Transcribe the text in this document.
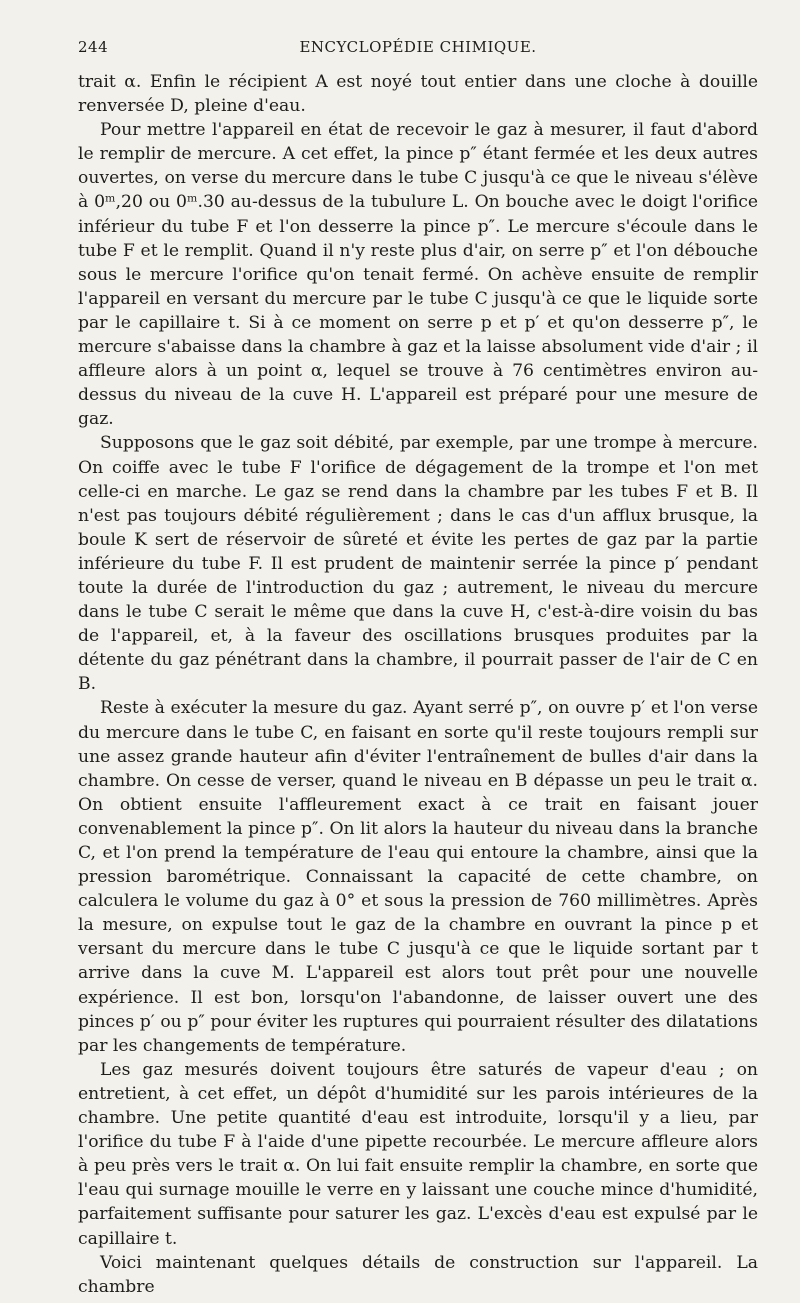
244	ENCYCLOPÉDIE CHIMIQUE.

trait α. Enfin le récipient A est noyé tout entier dans une cloche à douille renversée D, pleine d'eau.

Pour mettre l'appareil en état de recevoir le gaz à mesurer, il faut d'abord le remplir de mercure. A cet effet, la pince p″ étant fermée et les deux autres ouvertes, on verse du mercure dans le tube C jusqu'à ce que le niveau s'élève à 0ᵐ,20 ou 0ᵐ.30 au-dessus de la tubulure L. On bouche avec le doigt l'orifice inférieur du tube F et l'on desserre la pince p″. Le mercure s'écoule dans le tube F et le remplit. Quand il n'y reste plus d'air, on serre p″ et l'on débouche sous le mercure l'orifice qu'on tenait fermé. On achève ensuite de remplir l'appareil en versant du mercure par le tube C jusqu'à ce que le liquide sorte par le capillaire t. Si à ce moment on serre p et p′ et qu'on desserre p″, le mercure s'abaisse dans la chambre à gaz et la laisse absolument vide d'air ; il affleure alors à un point α, lequel se trouve à 76 centimètres environ au-dessus du niveau de la cuve H. L'appareil est préparé pour une mesure de gaz.

Supposons que le gaz soit débité, par exemple, par une trompe à mercure. On coiffe avec le tube F l'orifice de dégagement de la trompe et l'on met celle-ci en marche. Le gaz se rend dans la chambre par les tubes F et B. Il n'est pas toujours débité régulièrement ; dans le cas d'un afflux brusque, la boule K sert de réservoir de sûreté et évite les pertes de gaz par la partie inférieure du tube F. Il est prudent de maintenir serrée la pince p′ pendant toute la durée de l'introduction du gaz ; autrement, le niveau du mercure dans le tube C serait le même que dans la cuve H, c'est-à-dire voisin du bas de l'appareil, et, à la faveur des oscillations brusques produites par la détente du gaz pénétrant dans la chambre, il pourrait passer de l'air de C en B.

Reste à exécuter la mesure du gaz. Ayant serré p″, on ouvre p′ et l'on verse du mercure dans le tube C, en faisant en sorte qu'il reste toujours rempli sur une assez grande hauteur afin d'éviter l'entraînement de bulles d'air dans la chambre. On cesse de verser, quand le niveau en B dépasse un peu le trait α. On obtient ensuite l'affleurement exact à ce trait en faisant jouer convenablement la pince p″. On lit alors la hauteur du niveau dans la branche C, et l'on prend la température de l'eau qui entoure la chambre, ainsi que la pression barométrique. Connaissant la capacité de cette chambre, on calculera le volume du gaz à 0° et sous la pression de 760 millimètres. Après la mesure, on expulse tout le gaz de la chambre en ouvrant la pince p et versant du mercure dans le tube C jusqu'à ce que le liquide sortant par t arrive dans la cuve M. L'appareil est alors tout prêt pour une nouvelle expérience. Il est bon, lorsqu'on l'abandonne, de laisser ouvert une des pinces p′ ou p″ pour éviter les ruptures qui pourraient résulter des dilatations par les changements de température.

Les gaz mesurés doivent toujours être saturés de vapeur d'eau ; on entretient, à cet effet, un dépôt d'humidité sur les parois intérieures de la chambre. Une petite quantité d'eau est introduite, lorsqu'il y a lieu, par l'orifice du tube F à l'aide d'une pipette recourbée. Le mercure affleure alors à peu près vers le trait α. On lui fait ensuite remplir la chambre, en sorte que l'eau qui surnage mouille le verre en y laissant une couche mince d'humidité, parfaitement suffisante pour saturer les gaz. L'excès d'eau est expulsé par le capillaire t.

Voici maintenant quelques détails de construction sur l'appareil. La chambre
